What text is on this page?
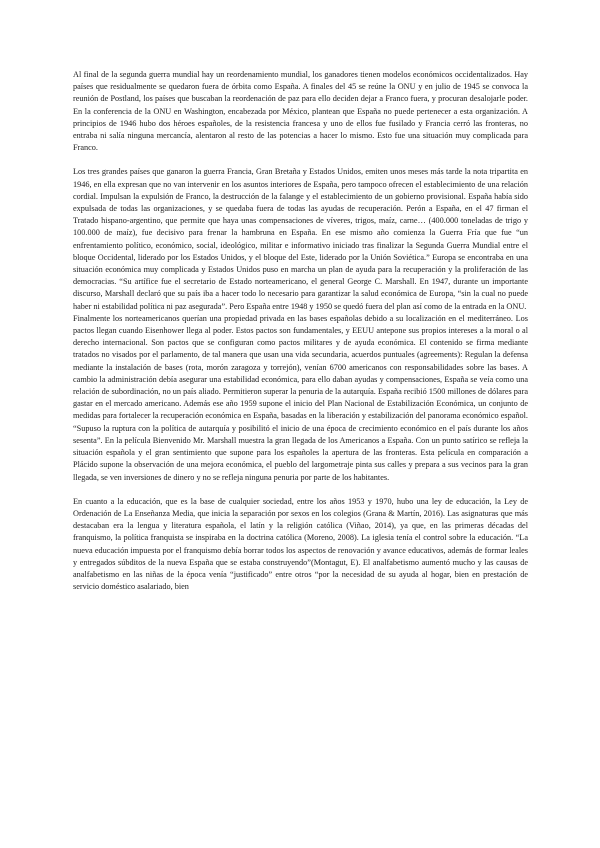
Al final de la segunda guerra mundial hay un reordenamiento mundial, los ganadores tienen modelos económicos occidentalizados. Hay países que residualmente se quedaron fuera de órbita como España. A finales del 45 se reúne la ONU y en julio de 1945 se convoca la reunión de Postland, los países que buscaban la reordenación de paz para ello deciden dejar a Franco fuera, y procuran desalojarle poder. En la conferencia de la ONU en Washington, encabezada por México, plantean que España no puede pertenecer a esta organización. A principios de 1946 hubo dos héroes españoles, de la resistencia francesa y uno de ellos fue fusilado y Francia cerró las fronteras, no entraba ni salía ninguna mercancía, alentaron al resto de las potencias a hacer lo mismo. Esto fue una situación muy complicada para Franco.

Los tres grandes países que ganaron la guerra Francia, Gran Bretaña y Estados Unidos, emiten unos meses más tarde la nota tripartita en 1946, en ella expresan que no van intervenir en los asuntos interiores de España, pero tampoco ofrecen el establecimiento de una relación cordial. Impulsan la expulsión de Franco, la destrucción de la falange y el establecimiento de un gobierno provisional. España había sido expulsada de todas las organizaciones, y se quedaba fuera de todas las ayudas de recuperación. Perón a España, en el 47 firman el Tratado hispano-argentino, que permite que haya unas compensaciones de víveres, trigos, maíz, carne… (400.000 toneladas de trigo y 100.000 de maíz), fue decisivo para frenar la hambruna en España. En ese mismo año comienza la Guerra Fría que fue “un enfrentamiento político, económico, social, ideológico, militar e informativo iniciado tras finalizar la Segunda Guerra Mundial entre el bloque Occidental, liderado por los Estados Unidos, y el bloque del Este, liderado por la Unión Soviética.” Europa se encontraba en una situación económica muy complicada y Estados Unidos puso en marcha un plan de ayuda para la recuperación y la proliferación de las democracias. “Su artífice fue el secretario de Estado norteamericano, el general George C. Marshall. En 1947, durante un importante discurso, Marshall declaró que su país iba a hacer todo lo necesario para garantizar la salud económica de Europa, “sin la cual no puede haber ni estabilidad política ni paz asegurada”. Pero España entre 1948 y 1950 se quedó fuera del plan así como de la entrada en la ONU.

Finalmente los norteamericanos querían una propiedad privada en las bases españolas debido a su localización en el mediterráneo. Los pactos llegan cuando Eisenhower llega al poder. Estos pactos son fundamentales, y EEUU antepone sus propios intereses a la moral o al derecho internacional. Son pactos que se configuran como pactos militares y de ayuda económica. El contenido se firma mediante tratados no visados por el parlamento, de tal manera que usan una vida secundaria, acuerdos puntuales (agreements): Regulan la defensa mediante la instalación de bases (rota, morón zaragoza y torrejón), venían 6700 americanos con responsabilidades sobre las bases. A cambio la administración debía asegurar una estabilidad económica, para ello daban ayudas y compensaciones, España se veía como una relación de subordinación, no un país aliado. Permitieron superar la penuria de la autarquía. España recibió 1500 millones de dólares para gastar en el mercado americano. Además ese año 1959 supone el inicio del Plan Nacional de Estabilización Económica, un conjunto de medidas para fortalecer la recuperación económica en España, basadas en la liberación y estabilización del panorama económico español. “Supuso la ruptura con la política de autarquía y posibilitó el inicio de una época de crecimiento económico en el país durante los años sesenta”. En la película Bienvenido Mr. Marshall muestra la gran llegada de los Americanos a España. Con un punto satírico se refleja la situación española y el gran sentimiento que supone para los españoles la apertura de las fronteras. Esta película en comparación a Plácido supone la observación de una mejora económica, el pueblo del largometraje pinta sus calles y prepara a sus vecinos para la gran llegada, se ven inversiones de dinero y no se refleja ninguna penuria por parte de los habitantes.

En cuanto a la educación, que es la base de cualquier sociedad, entre los años 1953 y 1970, hubo una ley de educación, la Ley de Ordenación de La Enseñanza Media, que inicia la separación por sexos en los colegios (Grana & Martín, 2016). Las asignaturas que más destacaban era la lengua y literatura española, el latín y la religión católica (Viñao, 2014), ya que, en las primeras décadas del franquismo, la política franquista se inspiraba en la doctrina católica (Moreno, 2008). La iglesia tenía el control sobre la educación. “La nueva educación impuesta por el franquismo debía borrar todos los aspectos de renovación y avance educativos, además de formar leales y entregados súbditos de la nueva España que se estaba construyendo”(Montagut, E). El analfabetismo aumentó mucho y las causas de analfabetismo en las niñas de la época venía “justificado” entre otros “por la necesidad de su ayuda al hogar, bien en prestación de servicio doméstico asalariado, bien
